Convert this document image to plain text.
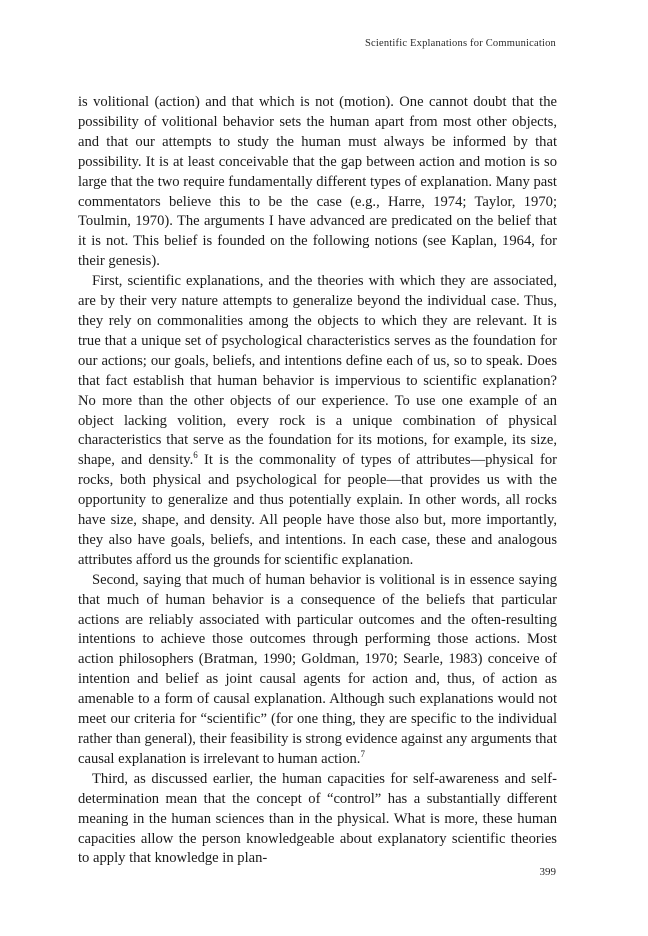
Scientific Explanations for Communication

is volitional (action) and that which is not (motion). One cannot doubt that the possibility of volitional behavior sets the human apart from most other objects, and that our attempts to study the human must always be informed by that possibility. It is at least conceivable that the gap between action and motion is so large that the two require fundamentally different types of explanation. Many past commentators believe this to be the case (e.g., Harre, 1974; Taylor, 1970; Toulmin, 1970). The arguments I have advanced are predicated on the belief that it is not. This belief is founded on the following notions (see Kaplan, 1964, for their genesis).

First, scientific explanations, and the theories with which they are associated, are by their very nature attempts to generalize beyond the individual case. Thus, they rely on commonalities among the objects to which they are relevant. It is true that a unique set of psychological characteristics serves as the foundation for our actions; our goals, beliefs, and intentions define each of us, so to speak. Does that fact establish that human behavior is impervious to scientific explanation? No more than the other objects of our experience. To use one example of an object lacking volition, every rock is a unique combination of physical characteristics that serve as the foundation for its motions, for example, its size, shape, and density.$^6$ It is the commonality of types of attributes—physical for rocks, both physical and psychological for people—that provides us with the opportunity to generalize and thus potentially explain. In other words, all rocks have size, shape, and density. All people have those also but, more importantly, they also have goals, beliefs, and intentions. In each case, these and analogous attributes afford us the grounds for scientific explanation.

Second, saying that much of human behavior is volitional is in essence saying that much of human behavior is a consequence of the beliefs that particular actions are reliably associated with particular outcomes and the often-resulting intentions to achieve those outcomes through performing those actions. Most action philosophers (Bratman, 1990; Goldman, 1970; Searle, 1983) conceive of intention and belief as joint causal agents for action and, thus, of action as amenable to a form of causal explanation. Although such explanations would not meet our criteria for “scientific” (for one thing, they are specific to the individual rather than general), their feasibility is strong evidence against any arguments that causal explanation is irrelevant to human action.$^7$

Third, as discussed earlier, the human capacities for self-awareness and self-determination mean that the concept of “control” has a substantially different meaning in the human sciences than in the physical. What is more, these human capacities allow the person knowledgeable about explanatory scientific theories to apply that knowledge in plan-

399
